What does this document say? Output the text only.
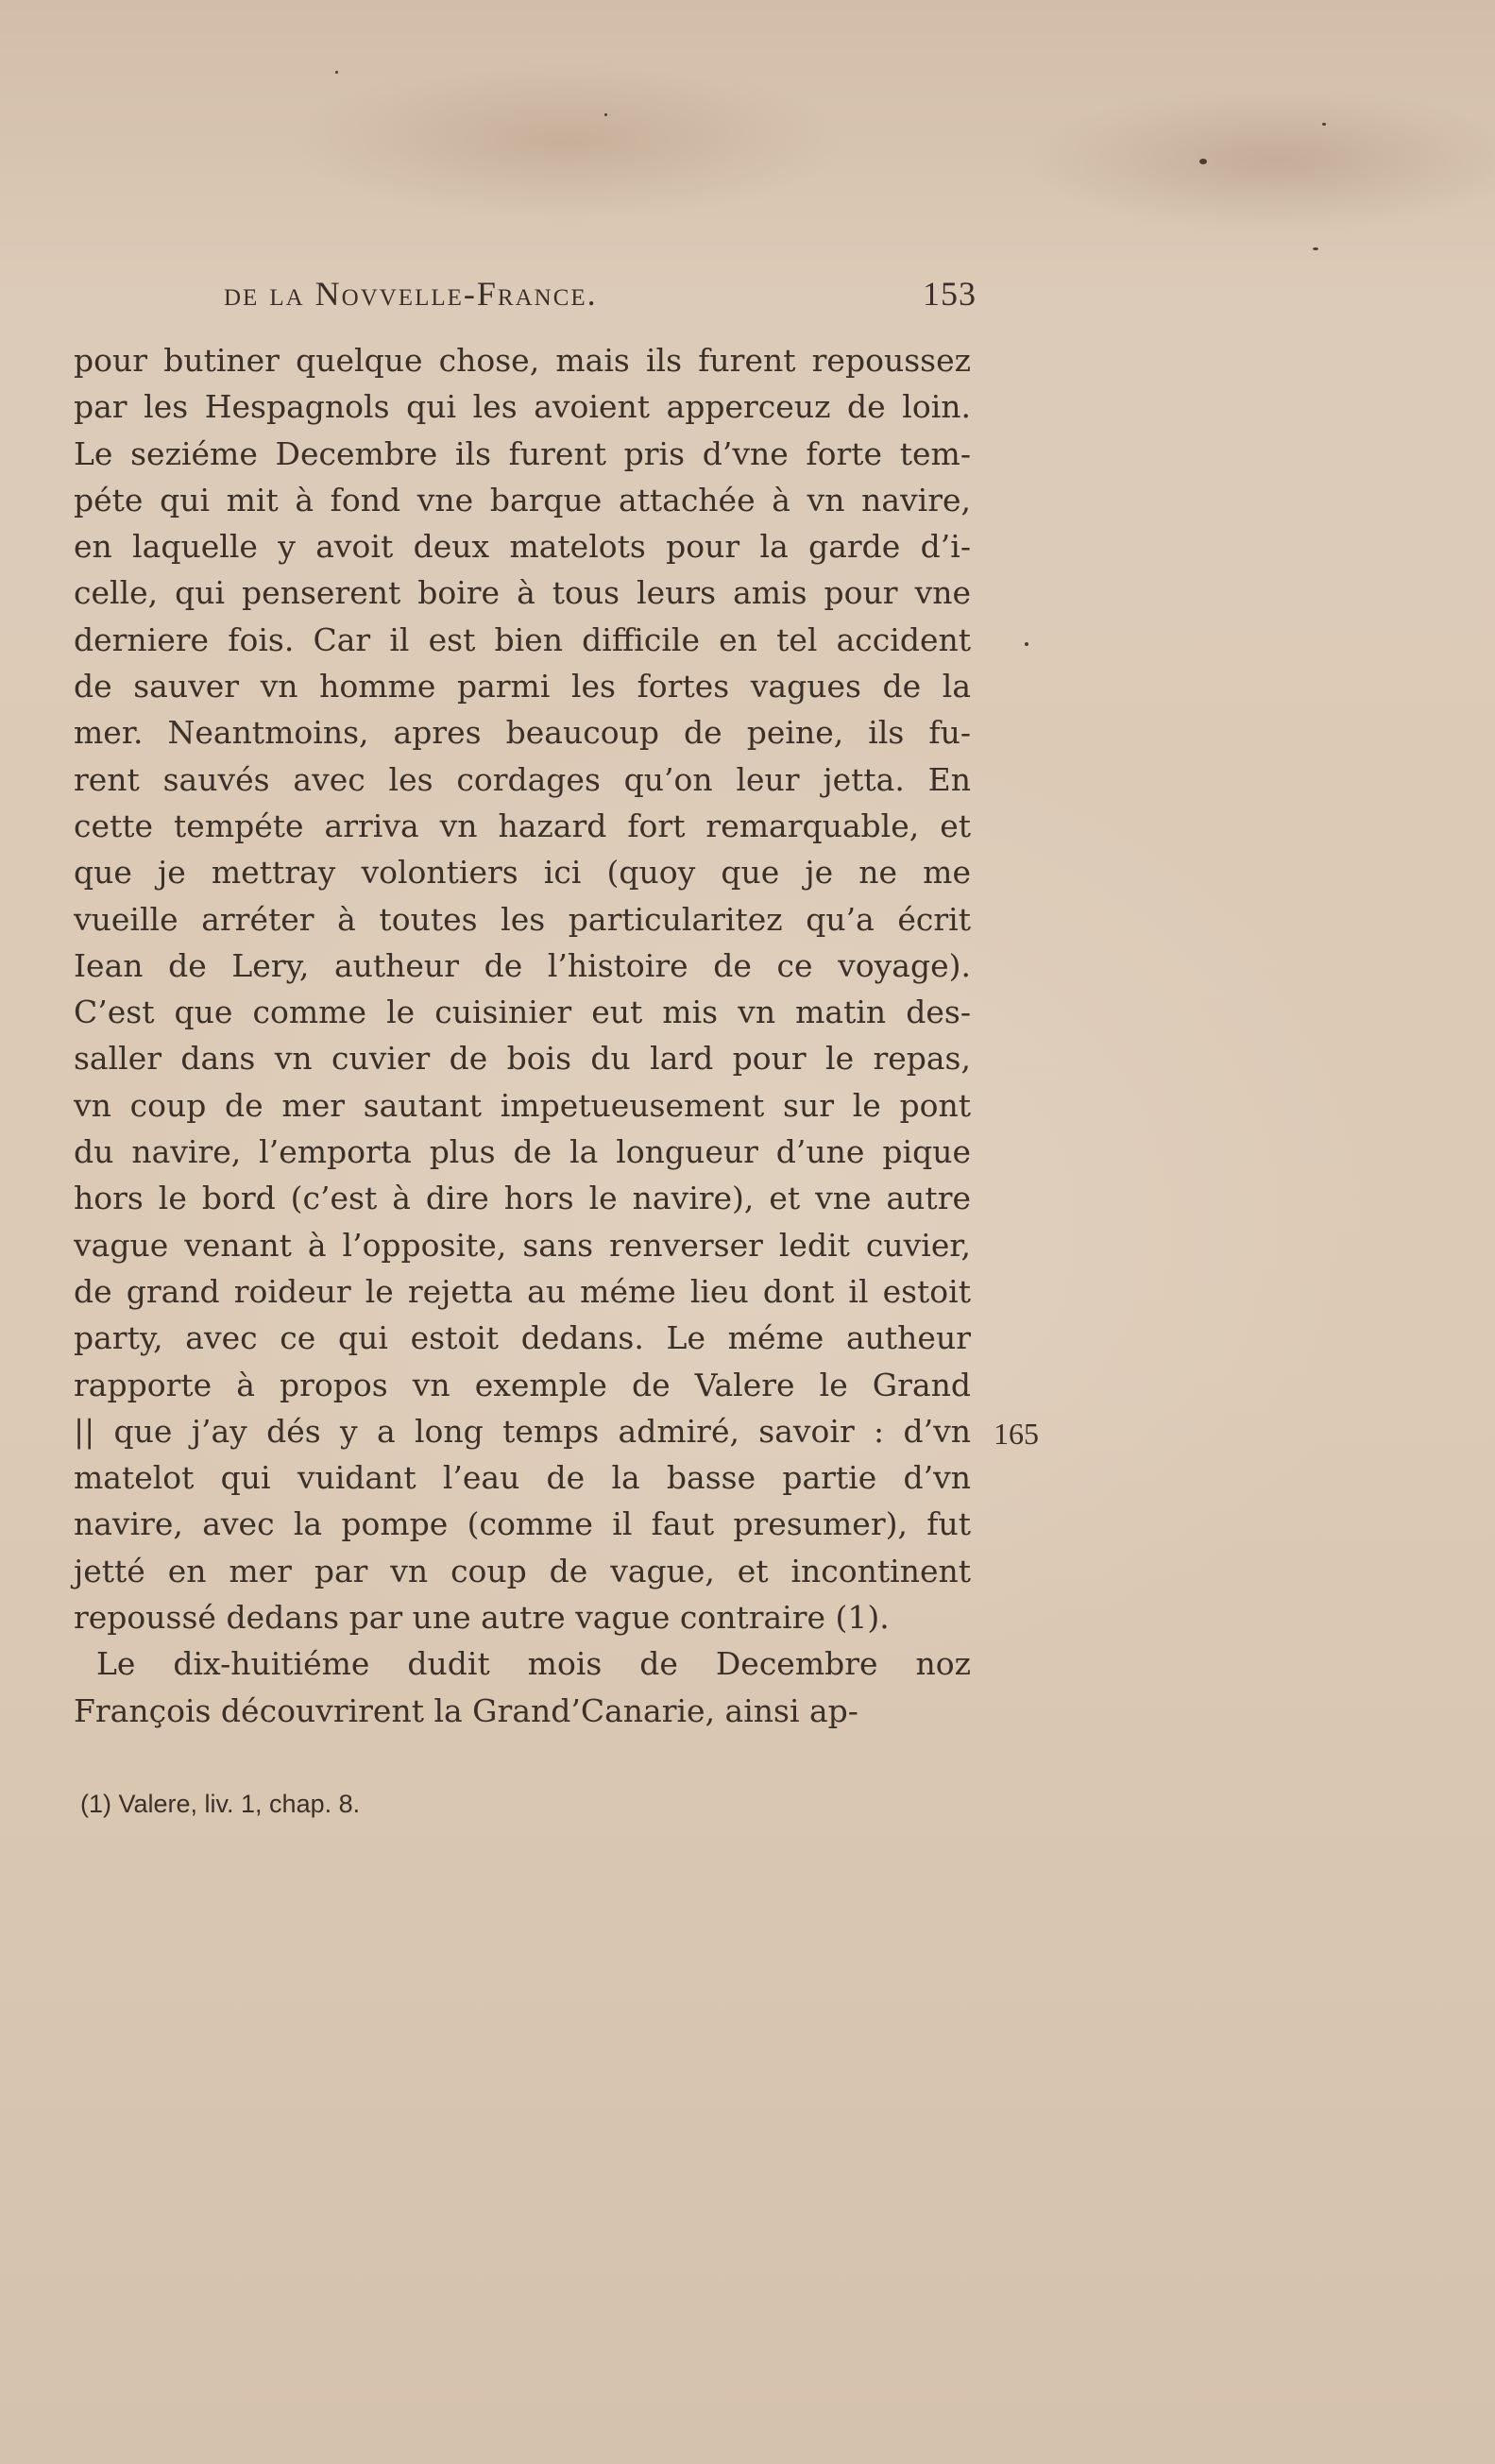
de la Novvelle-France.	153
pour butiner quelque chose, mais ils furent repoussez
par les Hespagnols qui les avoient apperceuz de loin.
Le seziéme Decembre ils furent pris d’vne forte tem-
péte qui mit à fond vne barque attachée à vn navire,
en laquelle y avoit deux matelots pour la garde d’i-
celle, qui penserent boire à tous leurs amis pour vne
derniere fois. Car il est bien difficile en tel accident
de sauver vn homme parmi les fortes vagues de la
mer. Neantmoins, apres beaucoup de peine, ils fu-
rent sauvés avec les cordages qu’on leur jetta. En
cette tempéte arriva vn hazard fort remarquable, et
que je mettray volontiers ici (quoy que je ne me
vueille arréter à toutes les particularitez qu’a écrit
Iean de Lery, autheur de l’histoire de ce voyage).
C’est que comme le cuisinier eut mis vn matin des-
saller dans vn cuvier de bois du lard pour le repas,
vn coup de mer sautant impetueusement sur le pont
du navire, l’emporta plus de la longueur d’une pique
hors le bord (c’est à dire hors le navire), et vne autre
vague venant à l’opposite, sans renverser ledit cuvier,
de grand roideur le rejetta au méme lieu dont il estoit
party, avec ce qui estoit dedans. Le méme autheur
rapporte à propos vn exemple de Valere le Grand
|| que j’ay dés y a long temps admiré, savoir : d’vn
matelot qui vuidant l’eau de la basse partie d’vn
navire, avec la pompe (comme il faut presumer), fut
jetté en mer par vn coup de vague, et incontinent
repoussé dedans par une autre vague contraire (1).
Le dix-huitiéme dudit mois de Decembre noz
François découvrirent la Grand’Canarie, ainsi ap-
165
(1) Valere, liv. 1, chap. 8.
